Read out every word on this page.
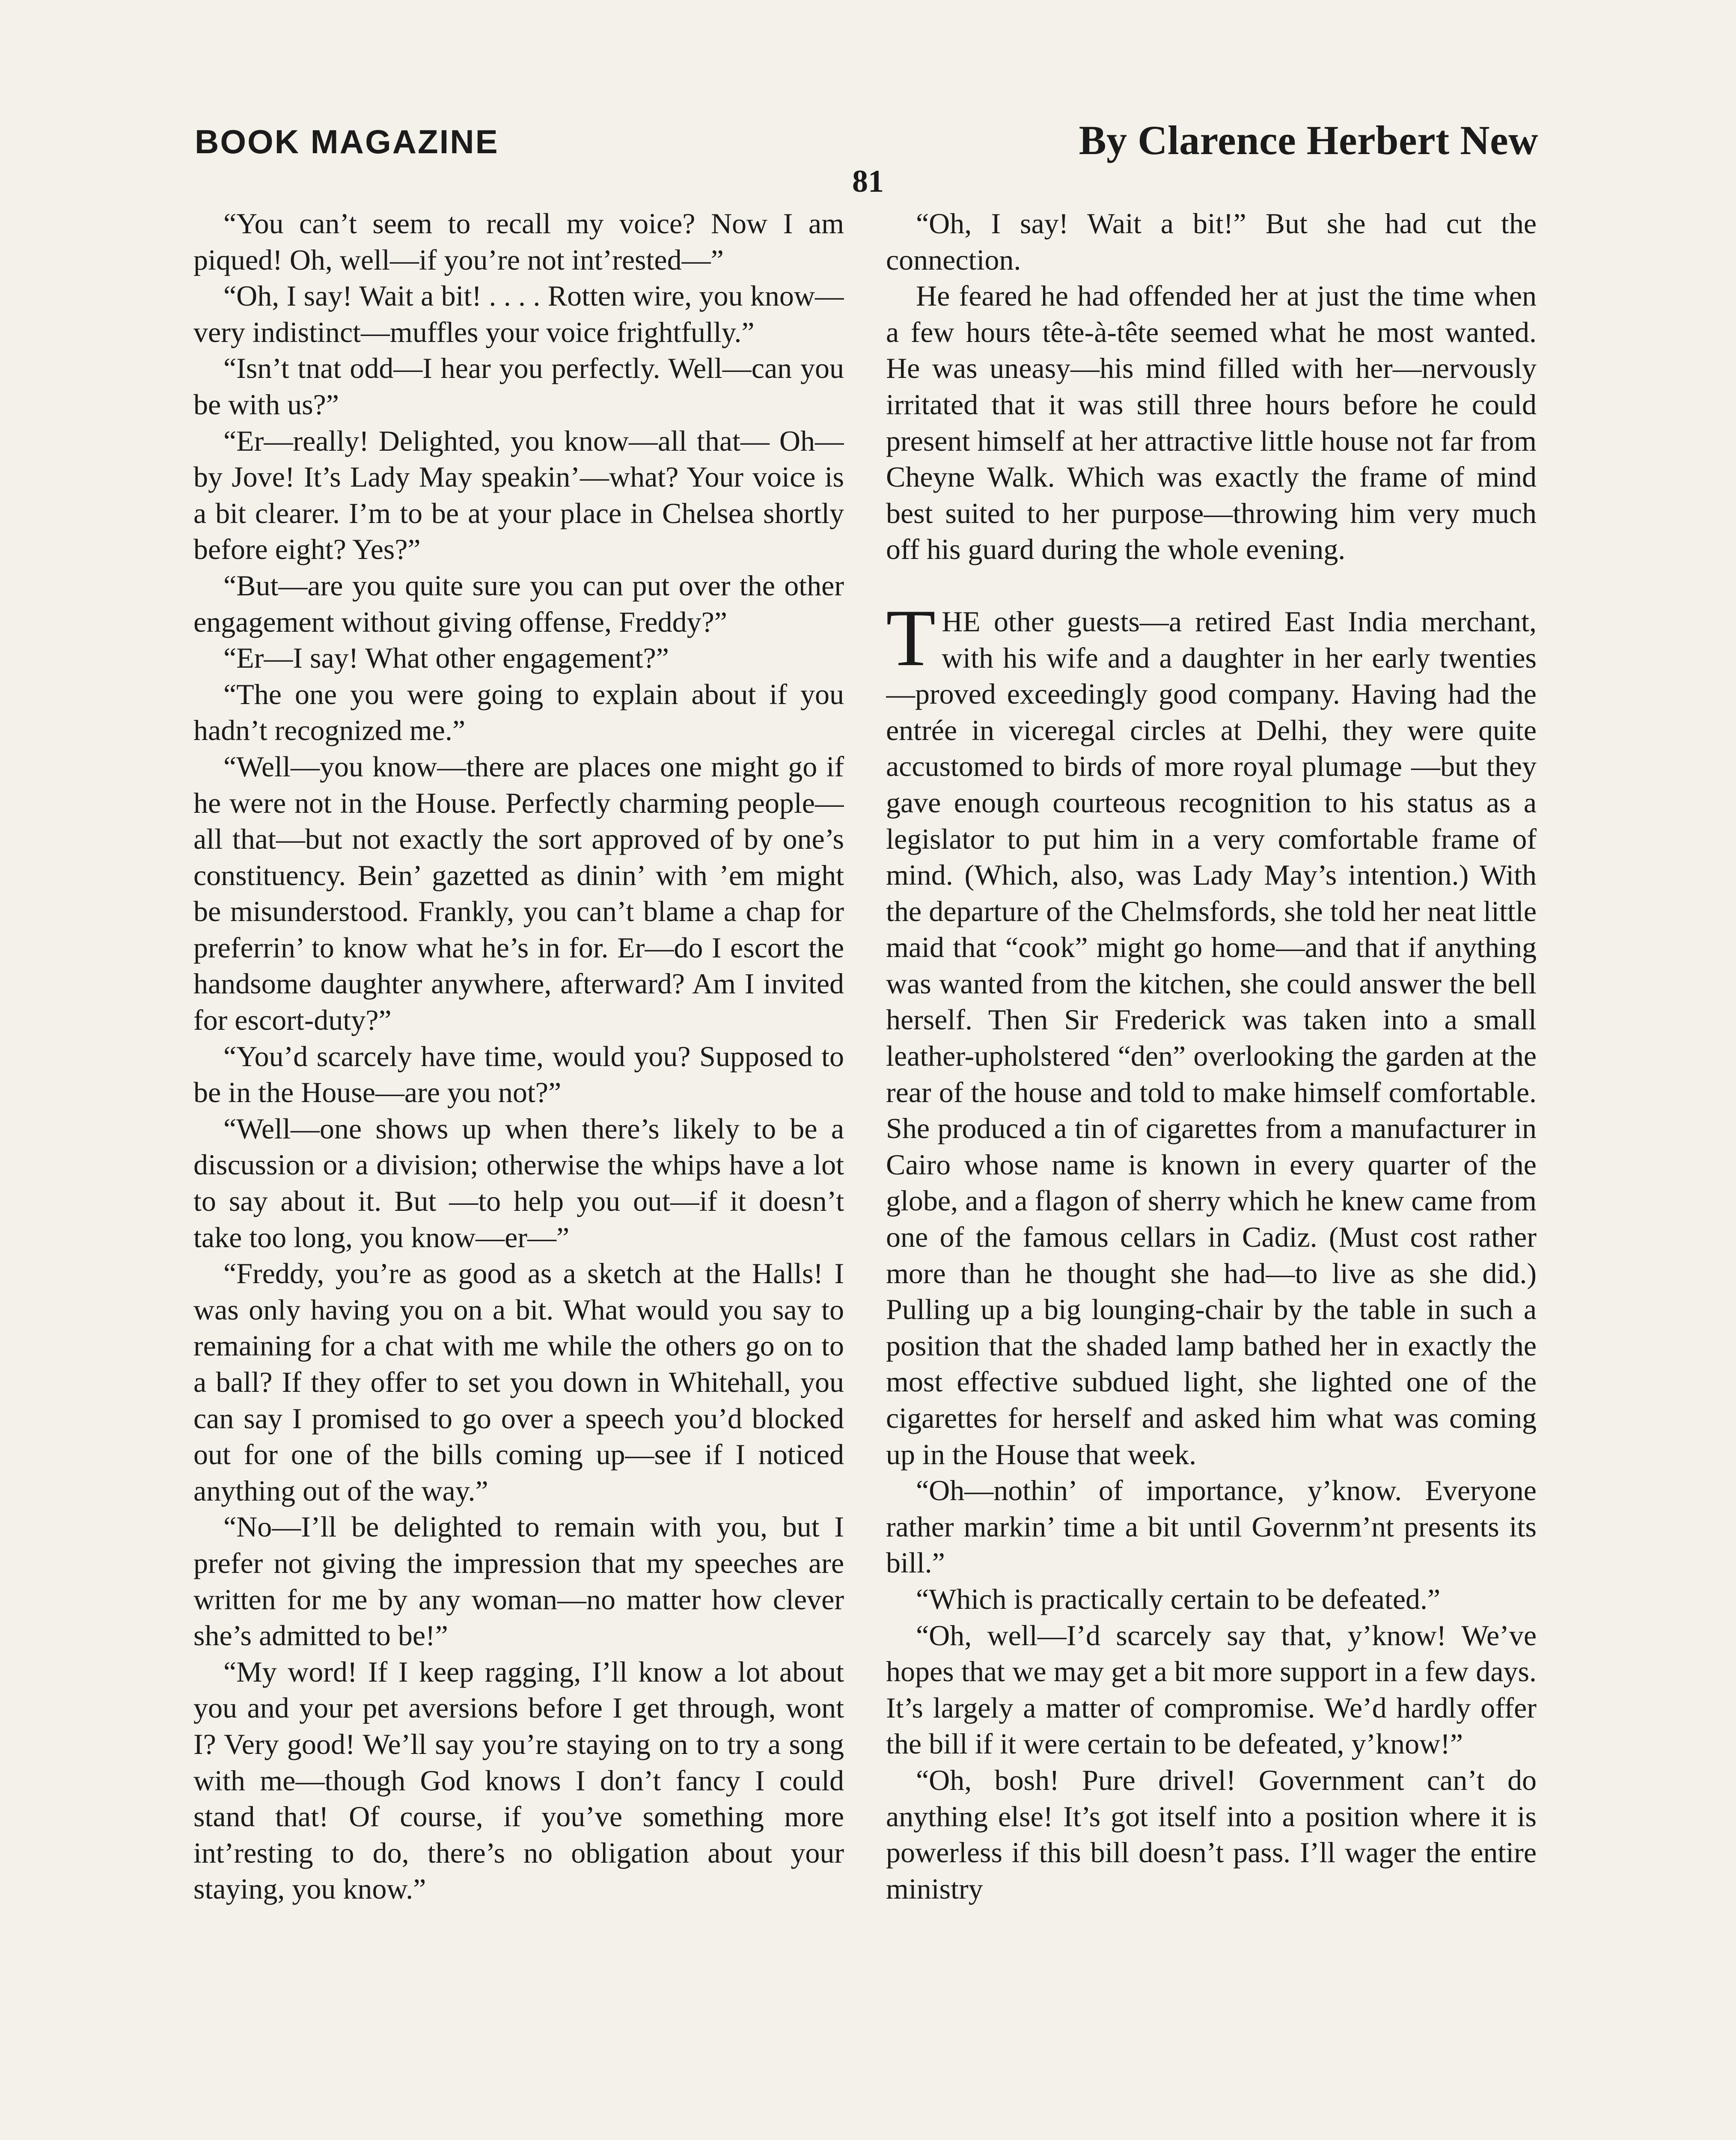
BOOK MAGAZINE	By Clarence Herbert New
81

“You can’t seem to recall my voice? Now I am piqued! Oh, well—if you’re not int’rested—”

“Oh, I say! Wait a bit! . . . . Rotten wire, you know—very indistinct—muffles your voice frightfully.”

“Isn’t tnat odd—I hear you perfectly. Well—can you be with us?”

“Er—really! Delighted, you know—all that— Oh—by Jove! It’s Lady May speakin’—what? Your voice is a bit clearer. I’m to be at your place in Chelsea shortly before eight? Yes?”

“But—are you quite sure you can put over the other engagement without giving offense, Freddy?”

“Er—I say! What other engagement?”

“The one you were going to explain about if you hadn’t recognized me.”

“Well—you know—there are places one might go if he were not in the House. Perfectly charming people—all that—but not exactly the sort approved of by one’s constituency. Bein’ gazetted as dinin’ with ’em might be misunderstood. Frankly, you can’t blame a chap for preferrin’ to know what he’s in for. Er—do I escort the handsome daughter anywhere, afterward? Am I invited for escort-duty?”

“You’d scarcely have time, would you? Supposed to be in the House—are you not?”

“Well—one shows up when there’s likely to be a discussion or a division; otherwise the whips have a lot to say about it. But —to help you out—if it doesn’t take too long, you know—er—”

“Freddy, you’re as good as a sketch at the Halls! I was only having you on a bit. What would you say to remaining for a chat with me while the others go on to a ball? If they offer to set you down in Whitehall, you can say I promised to go over a speech you’d blocked out for one of the bills coming up—see if I noticed anything out of the way.”

“No—I’ll be delighted to remain with you, but I prefer not giving the impression that my speeches are written for me by any woman—no matter how clever she’s admitted to be!”

“My word! If I keep ragging, I’ll know a lot about you and your pet aversions before I get through, wont I? Very good! We’ll say you’re staying on to try a song with me—though God knows I don’t fancy I could stand that! Of course, if you’ve something more int’resting to do, there’s no obligation about your staying, you know.”

“Oh, I say! Wait a bit!” But she had cut the connection.

He feared he had offended her at just the time when a few hours tête-à-tête seemed what he most wanted. He was uneasy—his mind filled with her—nervously irritated that it was still three hours before he could present himself at her attractive little house not far from Cheyne Walk. Which was exactly the frame of mind best suited to her purpose—throwing him very much off his guard during the whole evening.

THE other guests—a retired East India merchant, with his wife and a daughter in her early twenties—proved exceedingly good company. Having had the entrée in viceregal circles at Delhi, they were quite accustomed to birds of more royal plumage —but they gave enough courteous recognition to his status as a legislator to put him in a very comfortable frame of mind. (Which, also, was Lady May’s intention.) With the departure of the Chelmsfords, she told her neat little maid that “cook” might go home—and that if anything was wanted from the kitchen, she could answer the bell herself. Then Sir Frederick was taken into a small leather-upholstered “den” overlooking the garden at the rear of the house and told to make himself comfortable. She produced a tin of cigarettes from a manufacturer in Cairo whose name is known in every quarter of the globe, and a flagon of sherry which he knew came from one of the famous cellars in Cadiz. (Must cost rather more than he thought she had—to live as she did.) Pulling up a big lounging-chair by the table in such a position that the shaded lamp bathed her in exactly the most effective subdued light, she lighted one of the cigarettes for herself and asked him what was coming up in the House that week.

“Oh—nothin’ of importance, y’know. Everyone rather markin’ time a bit until Governm’nt presents its bill.”

“Which is practically certain to be defeated.”

“Oh, well—I’d scarcely say that, y’know! We’ve hopes that we may get a bit more support in a few days. It’s largely a matter of compromise. We’d hardly offer the bill if it were certain to be defeated, y’know!”

“Oh, bosh! Pure drivel! Government can’t do anything else! It’s got itself into a position where it is powerless if this bill doesn’t pass. I’ll wager the entire ministry
